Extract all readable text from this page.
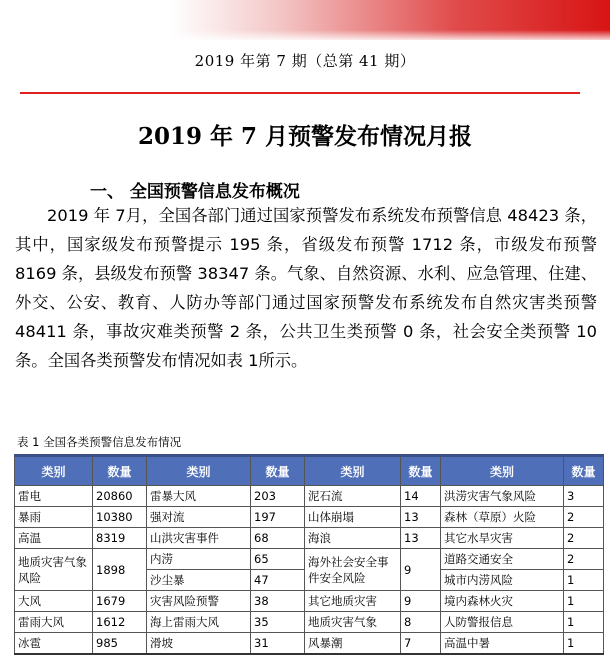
2019 年第 7 期（总第 41 期）
2019 年 7 月预警发布情况月报
一、 全国预警信息发布概况
2019 年 7月，全国各部门通过国家预警发布系统发布预警信息 48423 条，其中，国家级发布预警提示 195 条，省级发布预警 1712 条，市级发布预警 8169 条，县级发布预警 38347 条。气象、自然资源、水利、应急管理、住建、外交、公安、教育、人防办等部门通过国家预警发布系统发布自然灾害类预警 48411 条，事故灾难类预警 2 条，公共卫生类预警 0 条，社会安全类预警 10 条。全国各类预警发布情况如表 1所示。
表 1 全国各类预警信息发布情况
类别	数量	类别	数量	类别	数量	类别	数量
雷电	20860	雷暴大风	203	泥石流	14	洪涝灾害气象风险	3
暴雨	10380	强对流	197	山体崩塌	13	森林（草原）火险	2
高温	8319	山洪灾害事件	68	海浪	13	其它水旱灾害	2
地质灾害气象风险	1898	内涝	65	海外社会安全事件安全风险	9	道路交通安全	2
		沙尘暴	47			城市内涝风险	1
大风	1679	灾害风险预警	38	其它地质灾害	9	境内森林火灾	1
雷雨大风	1612	海上雷雨大风	35	地质灾害气象	8	人防警报信息	1
冰雹	985	滑坡	31	风暴潮	7	高温中暑	1
